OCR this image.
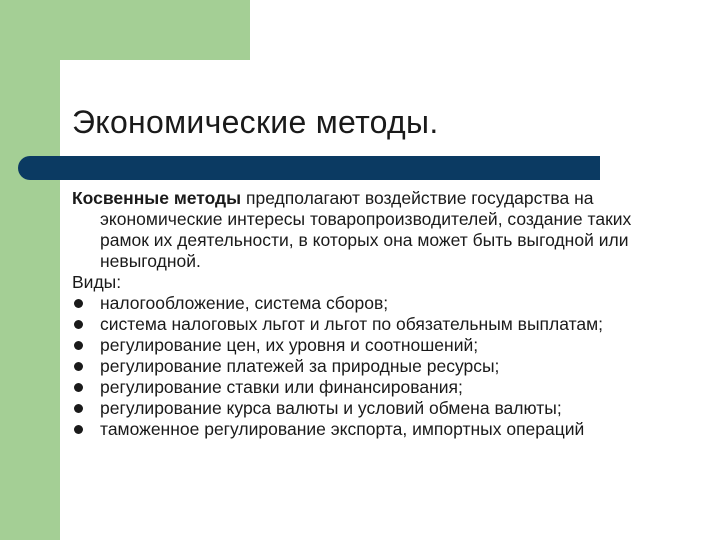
Экономические методы.
Косвенные методы предполагают воздействие государства на экономические интересы товаропроизводителей, создание таких рамок их деятельности, в которых она может быть выгодной или невыгодной.
Виды:
налогообложение, система сборов;
система налоговых льгот и льгот по обязательным выплатам;
регулирование цен, их уровня и соотношений;
регулирование платежей за природные ресурсы;
регулирование ставки или финансирования;
регулирование курса валюты и условий обмена валюты;
таможенное регулирование экспорта, импортных операций
